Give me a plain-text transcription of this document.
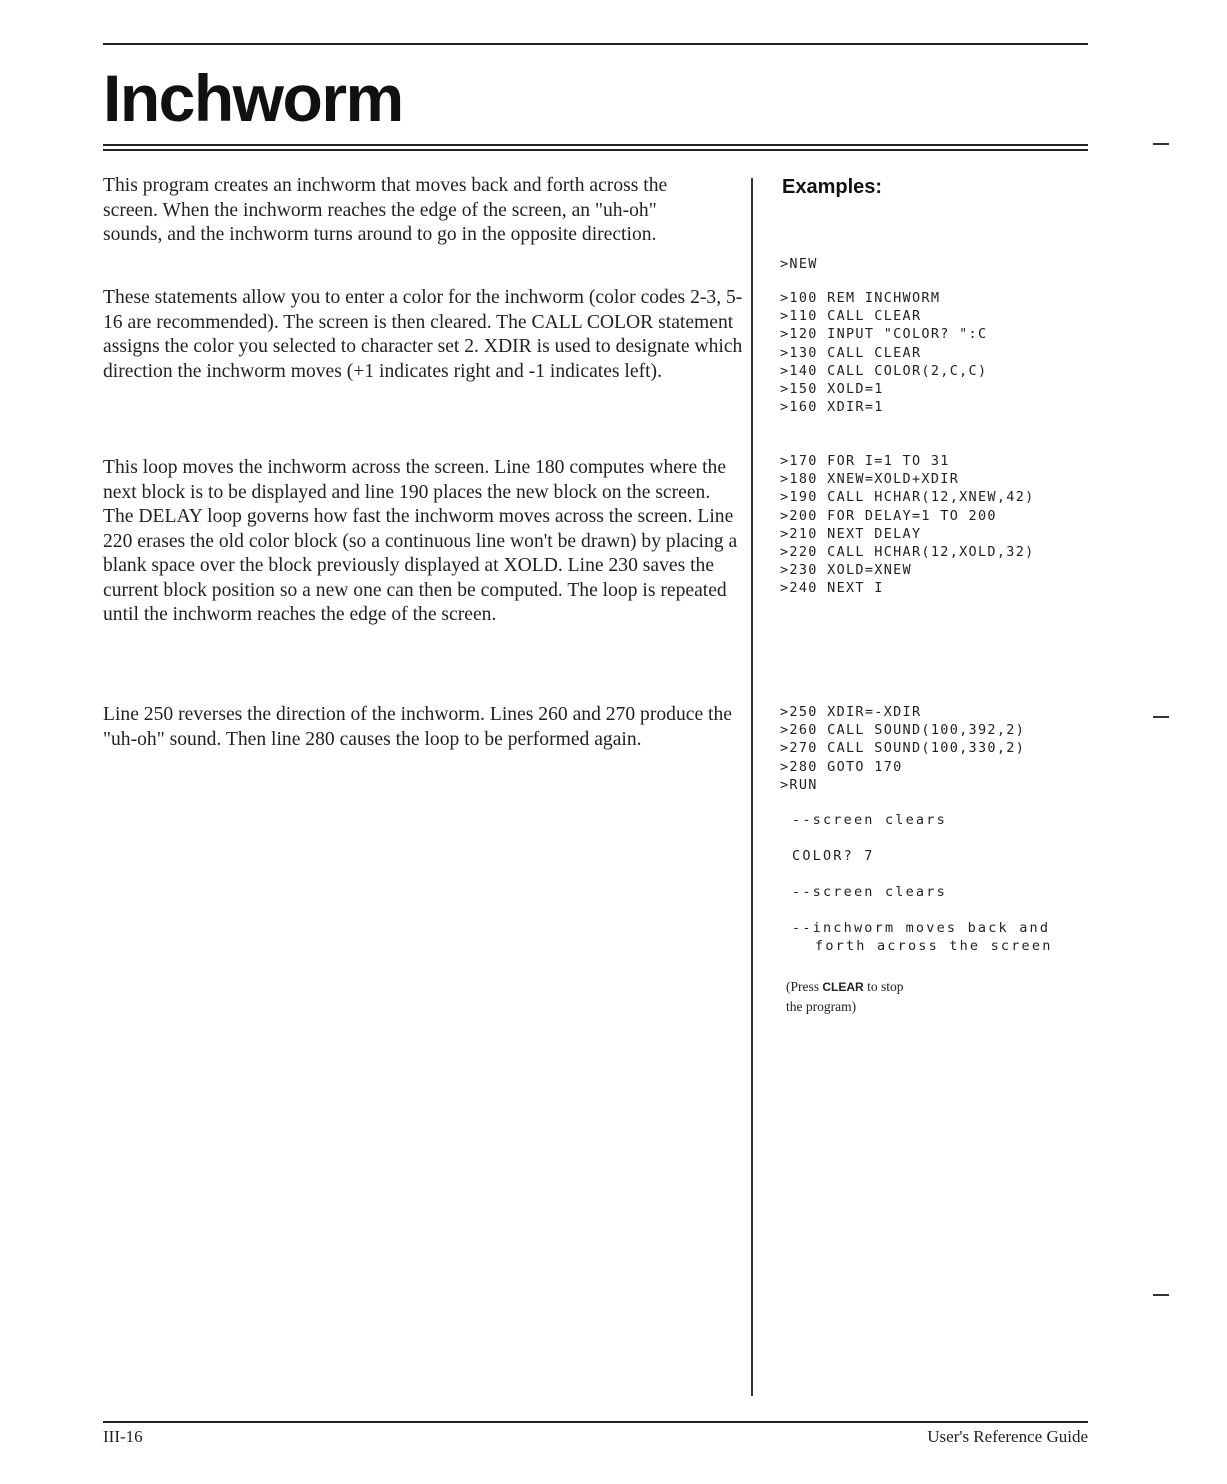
Inchworm

This program creates an inchworm that moves back and forth across the screen. When the inchworm reaches the edge of the screen, an "uh-oh" sounds, and the inchworm turns around to go in the opposite direction.

These statements allow you to enter a color for the inchworm (color codes 2-3, 5-16 are recommended). The screen is then cleared. The CALL COLOR statement assigns the color you selected to character set 2. XDIR is used to designate which direction the inchworm moves (+1 indicates right and -1 indicates left).

This loop moves the inchworm across the screen. Line 180 computes where the next block is to be displayed and line 190 places the new block on the screen. The DELAY loop governs how fast the inchworm moves across the screen. Line 220 erases the old color block (so a continuous line won't be drawn) by placing a blank space over the block previously displayed at XOLD. Line 230 saves the current block position so a new one can then be computed. The loop is repeated until the inchworm reaches the edge of the screen.

Line 250 reverses the direction of the inchworm. Lines 260 and 270 produce the "uh-oh" sound. Then line 280 causes the loop to be performed again.

Examples:
>NEW
>100 REM INCHWORM
>110 CALL CLEAR
>120 INPUT "COLOR? ":C
>130 CALL CLEAR
>140 CALL COLOR(2,C,C)
>150 XOLD=1
>160 XDIR=1
>170 FOR I=1 TO 31
>180 XNEW=XOLD+XDIR
>190 CALL HCHAR(12,XNEW,42)
>200 FOR DELAY=1 TO 200
>210 NEXT DELAY
>220 CALL HCHAR(12,XOLD,32)
>230 XOLD=XNEW
>240 NEXT I
>250 XDIR=-XDIR
>260 CALL SOUND(100,392,2)
>270 CALL SOUND(100,330,2)
>280 GOTO 170
>RUN

--screen clears

COLOR? 7

--screen clears

--inchworm moves back and

forth across the screen

(Press CLEAR to stop
the program)

III-16	User's Reference Guide
